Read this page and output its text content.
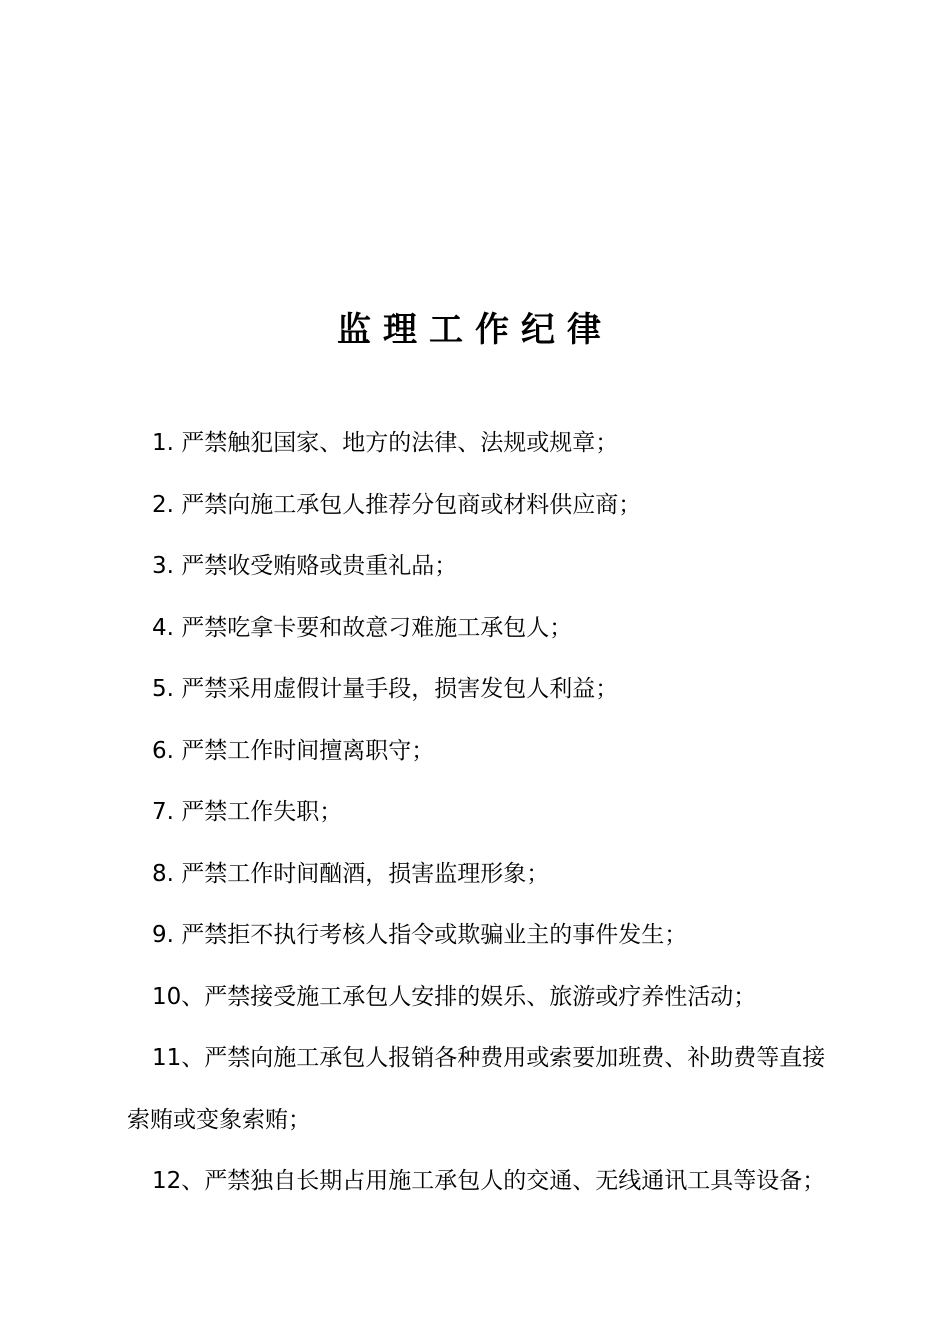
监理工作纪律
1. 严禁触犯国家、地方的法律、法规或规章；
2. 严禁向施工承包人推荐分包商或材料供应商；
3. 严禁收受贿赂或贵重礼品；
4. 严禁吃拿卡要和故意刁难施工承包人；
5. 严禁采用虚假计量手段，损害发包人利益；
6. 严禁工作时间擅离职守；
7. 严禁工作失职；
8. 严禁工作时间酗酒，损害监理形象；
9. 严禁拒不执行考核人指令或欺骗业主的事件发生；
10、严禁接受施工承包人安排的娱乐、旅游或疗养性活动；
11、严禁向施工承包人报销各种费用或索要加班费、补助费等直接索贿或变象索贿；
12、严禁独自长期占用施工承包人的交通、无线通讯工具等设备；
